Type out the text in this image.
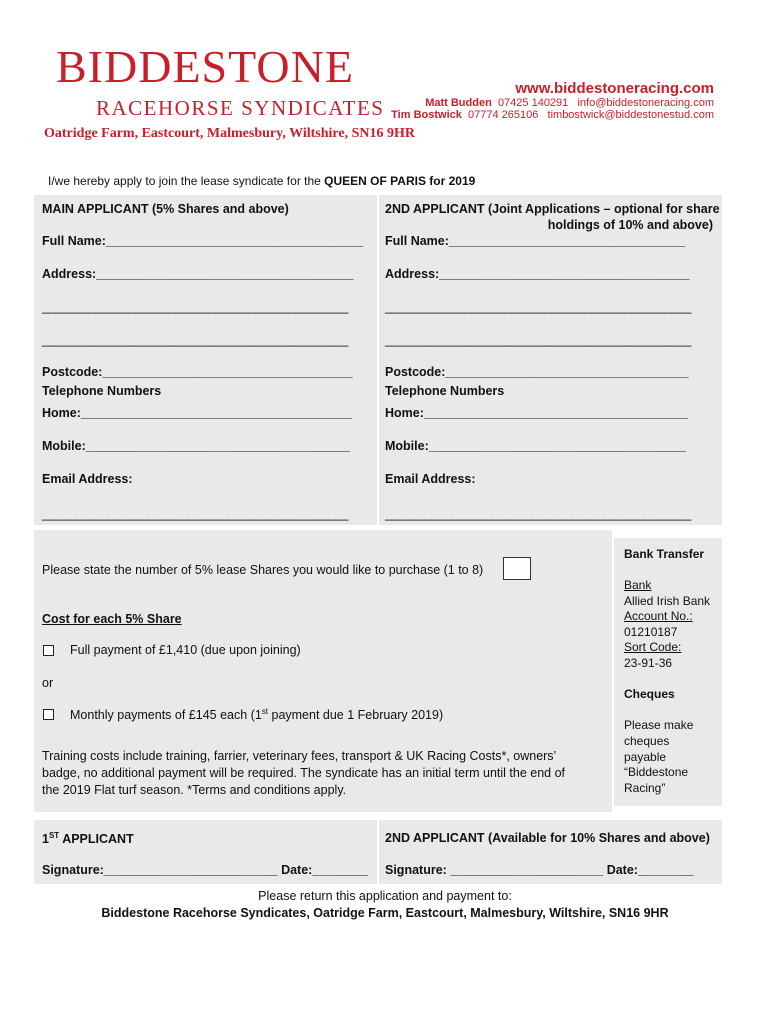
BIDDESTONE
RACEHORSE SYNDICATES
Oatridge Farm, Eastcourt, Malmesbury, Wiltshire, SN16 9HR
www.biddestoneracing.com
Matt Budden 07425 140291 info@biddestoneracing.com
Tim Bostwick 07774 265106 timbostwick@biddestonestud.com
I/we hereby apply to join the lease syndicate for the QUEEN OF PARIS for 2019
MAIN APPLICANT (5% Shares and above)
Full Name:_____________________________________
Address:_____________________________________
______________________________________________
______________________________________________
Postcode:____________________________________
Telephone Numbers
Home:_______________________________________
Mobile:______________________________________
Email Address:
______________________________________________
2ND APPLICANT (Joint Applications – optional for share
holdings of 10% and above)
Full Name:__________________________________
Address:____________________________________
______________________________________________
______________________________________________
Postcode:___________________________________
Telephone Numbers
Home:______________________________________
Mobile:_____________________________________
Email Address:
______________________________________________
Please state the number of 5% lease Shares you would like to purchase (1 to 8)
Cost for each 5% Share
Full payment of £1,410 (due upon joining)
or
Monthly payments of £145 each (1st payment due 1 February 2019)
Training costs include training, farrier, veterinary fees, transport & UK Racing Costs*, owners’
badge, no additional payment will be required. The syndicate has an initial term until the end of
the 2019 Flat turf season. *Terms and conditions apply.
Bank Transfer
Bank
Allied Irish Bank
Account No.:
01210187
Sort Code:
23-91-36
Cheques
Please make
cheques
payable
“Biddestone
Racing”
1ST APPLICANT	2ND APPLICANT (Available for 10% Shares and above)
Signature:_________________________ Date:________ Signature: ______________________ Date:________
Please return this application and payment to:
Biddestone Racehorse Syndicates, Oatridge Farm, Eastcourt, Malmesbury, Wiltshire, SN16 9HR
